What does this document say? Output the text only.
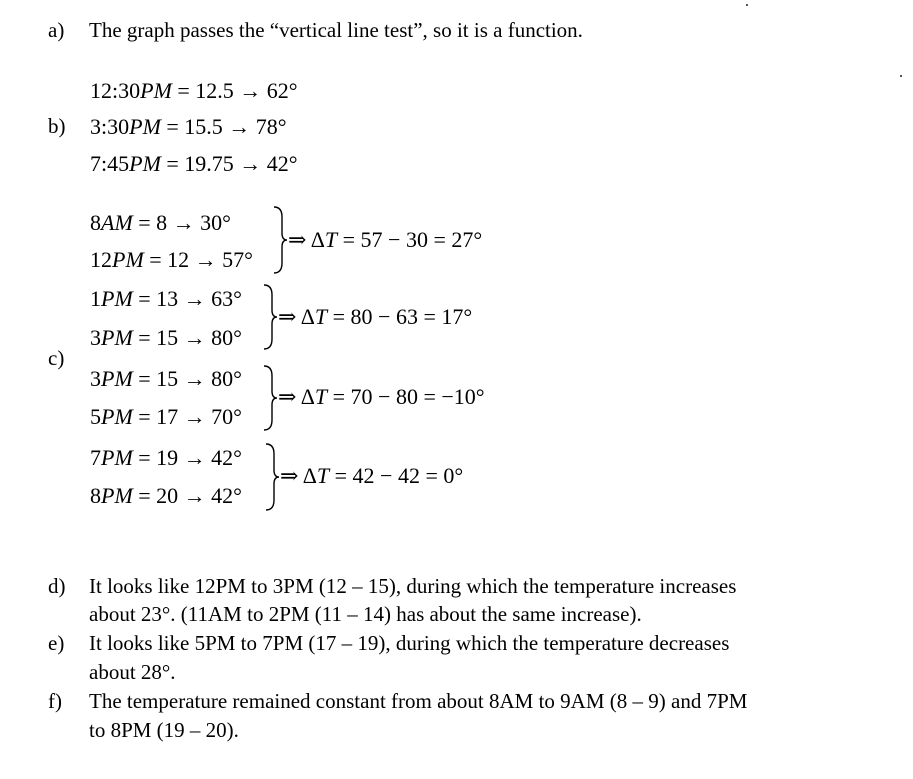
a) The graph passes the “vertical line test”, so it is a function.
b)
12:30PM = 12.5 → 62°
3:30PM = 15.5 → 78°
7:45PM = 19.75 → 42°
c)
8AM = 8 → 30°
12PM = 12 → 57°
⇒ ΔT = 57 − 30 = 27°
1PM = 13 → 63°
3PM = 15 → 80°
⇒ ΔT = 80 − 63 = 17°
3PM = 15 → 80°
5PM = 17 → 70°
⇒ ΔT = 70 − 80 = −10°
7PM = 19 → 42°
8PM = 20 → 42°
⇒ ΔT = 42 − 42 = 0°
d) It looks like 12PM to 3PM (12 – 15), during which the temperature increases
about 23°. (11AM to 2PM (11 – 14) has about the same increase).
e) It looks like 5PM to 7PM (17 – 19), during which the temperature decreases
about 28°.
f) The temperature remained constant from about 8AM to 9AM (8 – 9) and 7PM
to 8PM (19 – 20).
